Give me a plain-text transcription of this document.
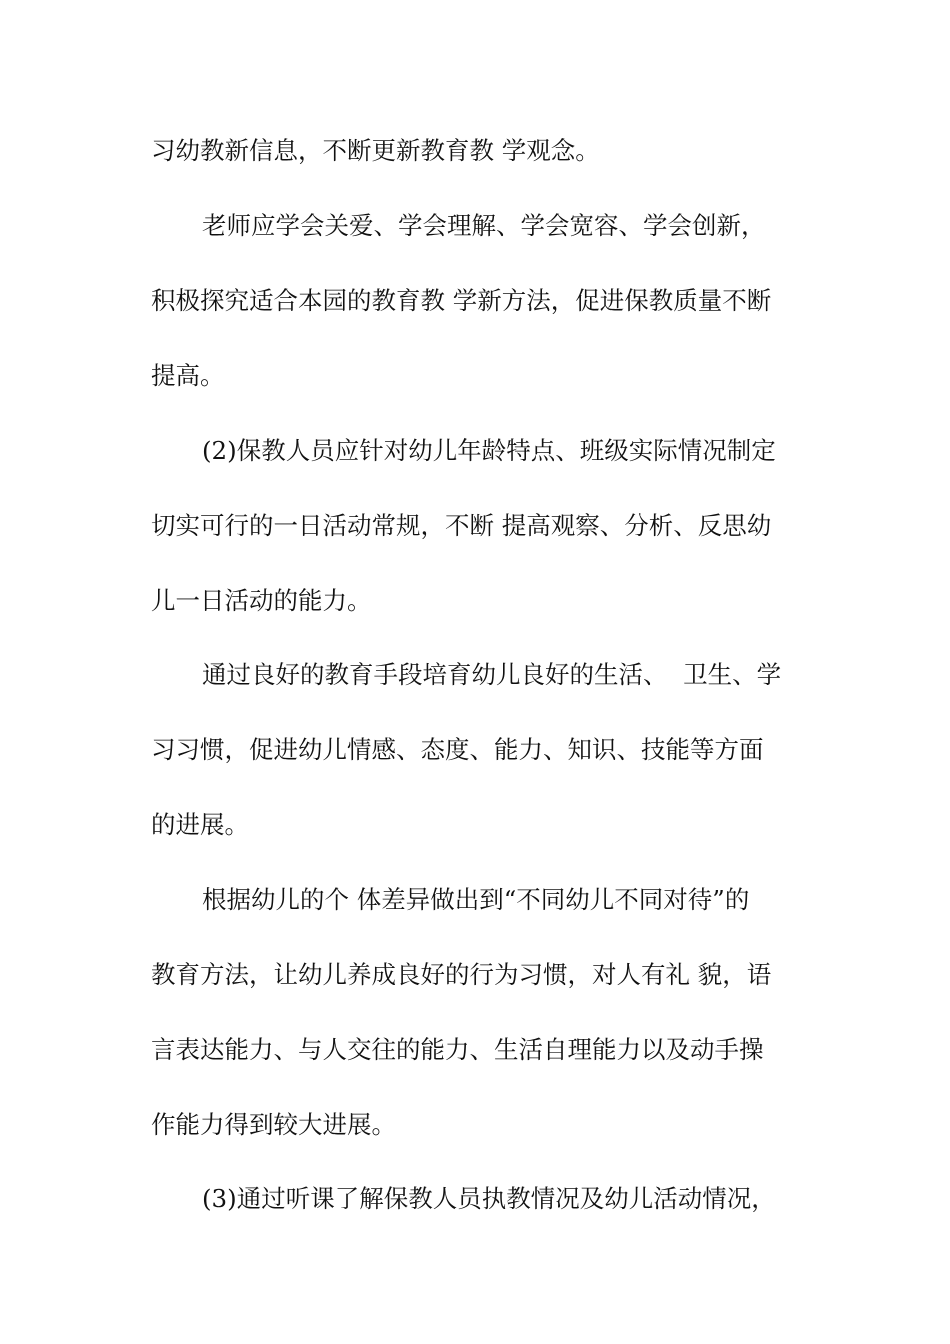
习幼教新信息，不断更新教育教 学观念。
老师应学会关爱、学会理解、学会宽容、学会创新，
积极探究适合本园的教育教 学新方法，促进保教质量不断
提高。
(2)保教人员应针对幼儿年龄特点、班级实际情况制定
切实可行的一日活动常规，不断 提高观察、分析、反思幼
儿一日活动的能力。
通过良好的教育手段培育幼儿良好的生活、  卫生、学
习习惯，促进幼儿情感、态度、能力、知识、技能等方面
的进展。
根据幼儿的个 体差异做出到“不同幼儿不同对待”的
教育方法，让幼儿养成良好的行为习惯，对人有礼 貌，语
言表达能力、与人交往的能力、生活自理能力以及动手操
作能力得到较大进展。
(3)通过听课了解保教人员执教情况及幼儿活动情况，
